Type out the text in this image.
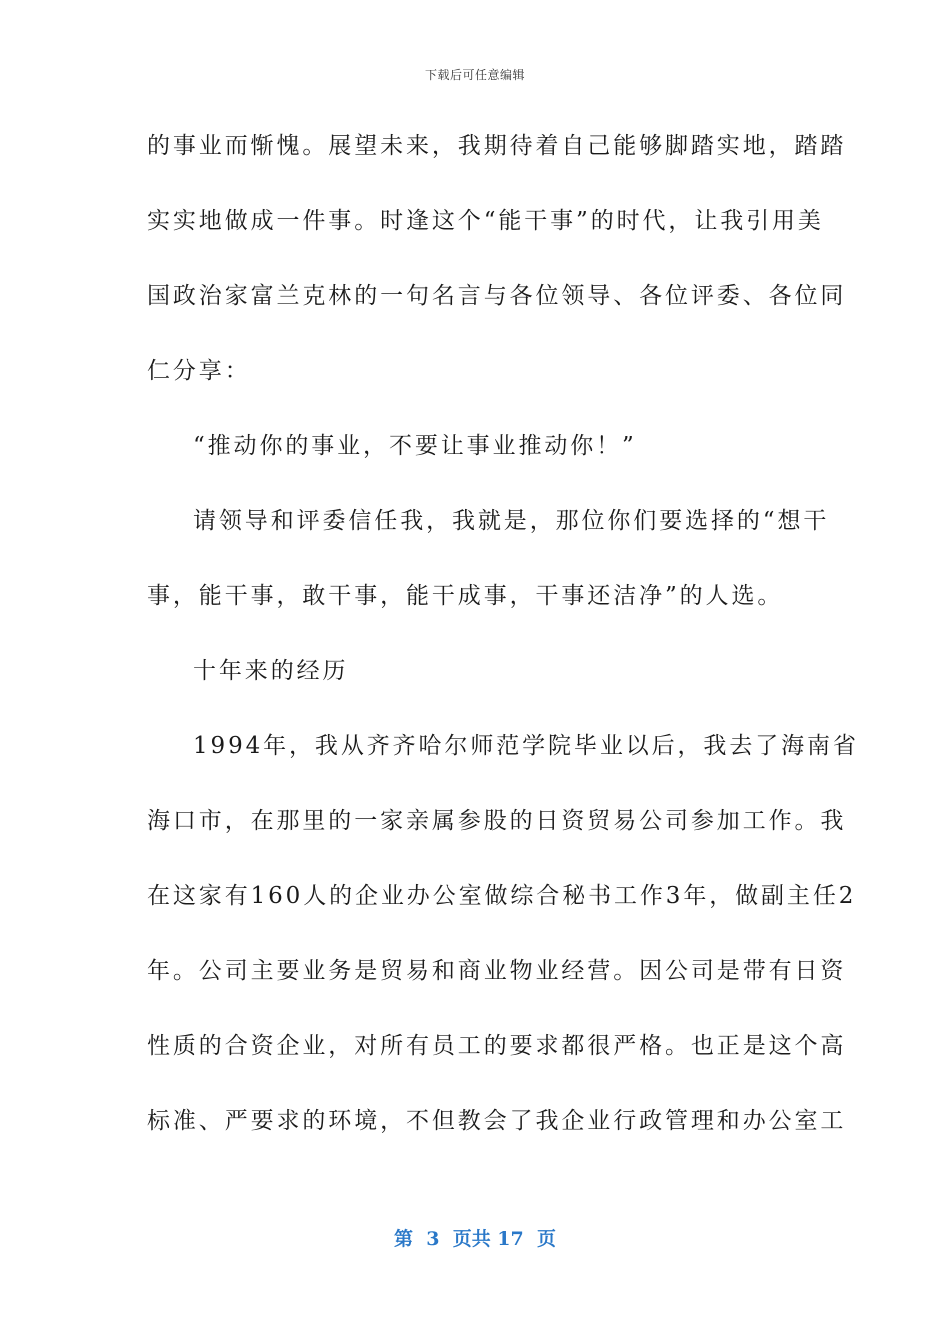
下载后可任意编辑
的事业而惭愧。展望未来，我期待着自己能够脚踏实地，踏踏
实实地做成一件事。时逢这个“能干事”的时代，让我引用美
国政治家富兰克林的一句名言与各位领导、各位评委、各位同
仁分享：
“推动你的事业，不要让事业推动你！”
请领导和评委信任我，我就是，那位你们要选择的“想干
事，能干事，敢干事，能干成事，干事还洁净”的人选。
十年来的经历
1994年，我从齐齐哈尔师范学院毕业以后，我去了海南省
海口市，在那里的一家亲属参股的日资贸易公司参加工作。我
在这家有160人的企业办公室做综合秘书工作3年，做副主任2
年。公司主要业务是贸易和商业物业经营。因公司是带有日资
性质的合资企业，对所有员工的要求都很严格。也正是这个高
标准、严要求的环境，不但教会了我企业行政管理和办公室工
第  3  页共 17  页
